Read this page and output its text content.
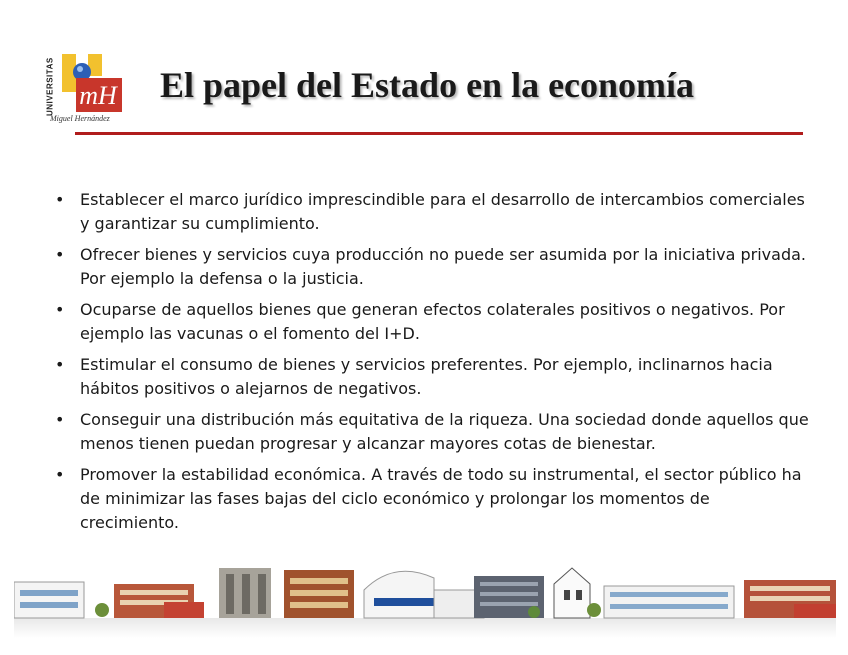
UNIVERSITAS mH
Miguel Hernández
El papel del Estado en la economía
• Establecer el marco jurídico imprescindible para el desarrollo de intercambios comerciales y garantizar su cumplimiento.
• Ofrecer bienes y servicios cuya producción no puede ser asumida por la iniciativa privada. Por ejemplo la defensa o la justicia.
• Ocuparse de aquellos bienes que generan efectos colaterales positivos o negativos. Por ejemplo las vacunas o el fomento del I+D.
• Estimular el consumo de bienes y servicios preferentes. Por ejemplo, inclinarnos hacia hábitos positivos o alejarnos de negativos.
• Conseguir una distribución más equitativa de la riqueza. Una sociedad donde aquellos que menos tienen puedan progresar y alcanzar mayores cotas de bienestar.
• Promover la estabilidad económica. A través de todo su instrumental, el sector público ha de minimizar las fases bajas del ciclo económico y prolongar los momentos de crecimiento.
